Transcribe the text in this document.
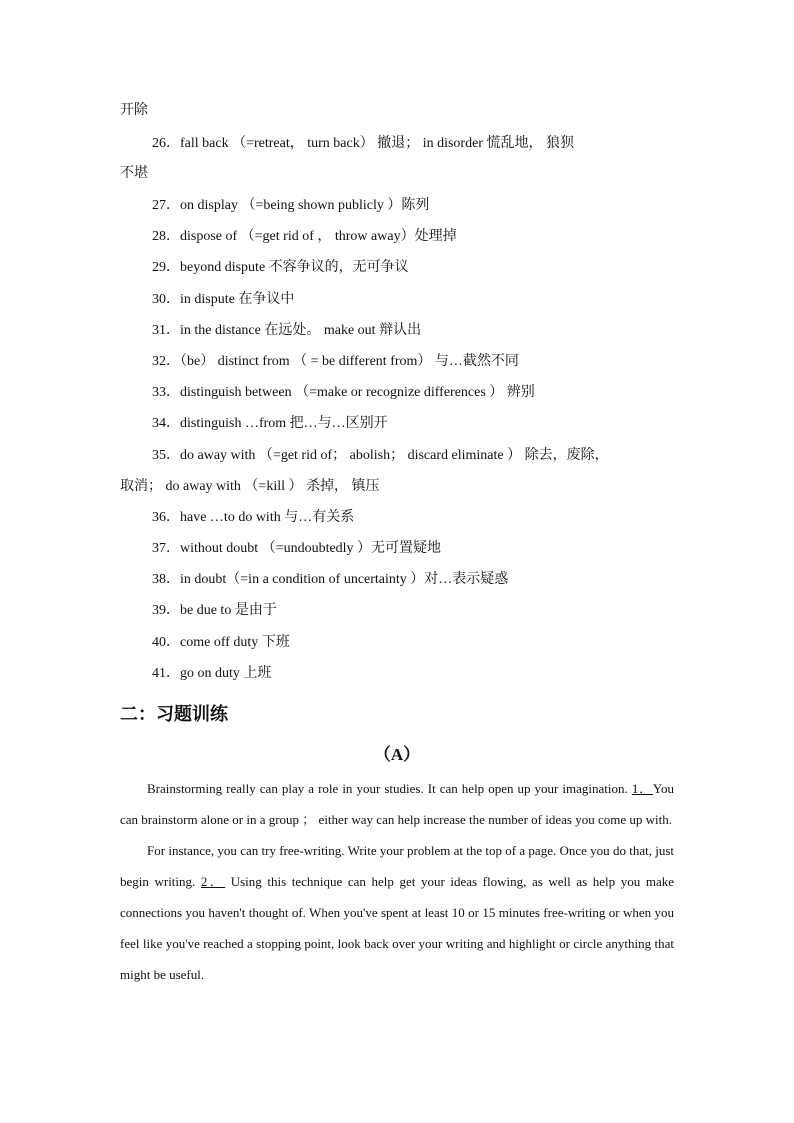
开除
26．fall back （=retreat， turn back） 撤退； in disorder 慌乱地， 狼狈
不堪
27．on display （=being shown publicly ）陈列
28．dispose of （=get rid of ， throw away）处理掉
29．beyond dispute 不容争议的，无可争议
30．in dispute 在争议中
31．in the distance 在远处。 make out 辩认出
32．（be） distinct from （ = be different from） 与…截然不同
33．distinguish between （=make or recognize differences ） 辨别
34．distinguish …from 把…与…区别开
35．do away with （=get rid of； abolish； discard eliminate ） 除去，废除，
取消； do away with （=kill ） 杀掉， 镇压
36．have …to do with 与…有关系
37．without doubt （=undoubtedly ）无可置疑地
38．in doubt（=in a condition of uncertainty ）对…表示疑惑
39．be due to 是由于
40．come off duty 下班
41．go on duty 上班
二：习题训练
（A）

Brainstorming really can play a role in your studies. It can help open up your imagination. 1．You can brainstorm alone or in a group ； either way can help increase the number of ideas you come up with.

For instance, you can try free-writing. Write your problem at the top of a page. Once you do that, just begin writing. 2． Using this technique can help get your ideas flowing, as well as help you make connections you haven't thought of. When you've spent at least 10 or 15 minutes free-writing or when you feel like you've reached a stopping point, look back over your writing and highlight or circle anything that might be useful.
